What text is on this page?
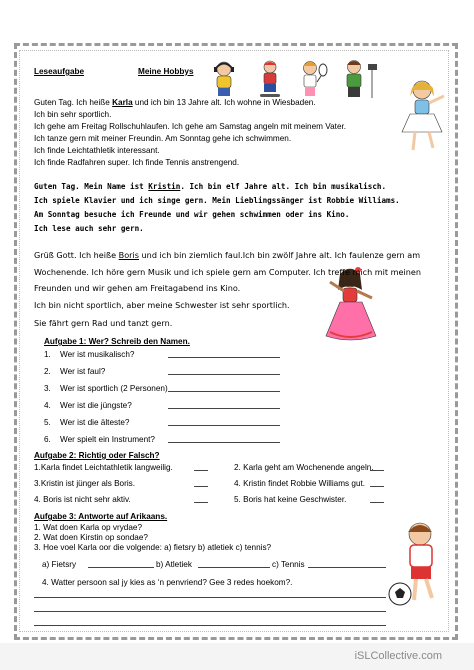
Leseaufgabe	Meine Hobbys
Guten Tag. Ich heiße Karla und ich bin 13 Jahre alt. Ich wohne in Wiesbaden.
Ich bin sehr sportlich.
Ich gehe am Freitag Rollschuhlaufen. Ich gehe am Samstag angeln mit meinem Vater.
Ich tanze gern mit meiner Freundin. Am Sonntag gehe ich schwimmen.
Ich finde Leichtathletik interessant.
Ich finde Radfahren super. Ich finde Tennis anstrengend.
Guten Tag. Mein Name ist Kristin. Ich bin elf Jahre alt. Ich bin musikalisch.
Ich spiele Klavier und ich singe gern. Mein Lieblingssänger ist Robbie Williams.
Am Sonntag besuche ich Freunde und wir gehen schwimmen oder ins Kino.
Ich lese auch sehr gern.
Grüß Gott. Ich heiße Boris und ich bin ziemlich faul.Ich bin zwölf Jahre alt. Ich faulenze gern am
Wochenende. Ich höre gern Musik und ich spiele gern am Computer. Ich treffe mich mit meinen
Freunden und wir gehen am Freitagabend ins Kino.
Ich bin nicht sportlich, aber meine Schwester ist sehr sportlich.
Sie fährt gern Rad und tanzt gern.
Aufgabe 1: Wer? Schreib den Namen.
1. Wer ist musikalisch?
2. Wer ist faul?
3. Wer ist sportlich (2 Personen)
4. Wer ist die jüngste?
5. Wer ist die älteste?
6. Wer spielt ein Instrument?
Aufgabe 2: Richtig oder Falsch?
1.Karla findet Leichtathletik langweilig.	2. Karla geht am Wochenende angeln.
3.Kristin ist jünger als Boris.	4. Kristin findet Robbie Williams gut.
4. Boris ist nicht sehr aktiv.	5. Boris hat keine Geschwister.
Aufgabe 3: Antworte auf Arikaans.
1. Wat doen Karla op vrydae?
2. Wat doen Kirstin op sondae?
3. Hoe voel Karla oor die volgende: a) fietsry b) atletiek c) tennis?
a) Fietsry	b) Atletiek	c) Tennis
4. Watter persoon sal jy kies as ‘n penvriend? Gee 3 redes hoekom?.
iSLCollective.com
